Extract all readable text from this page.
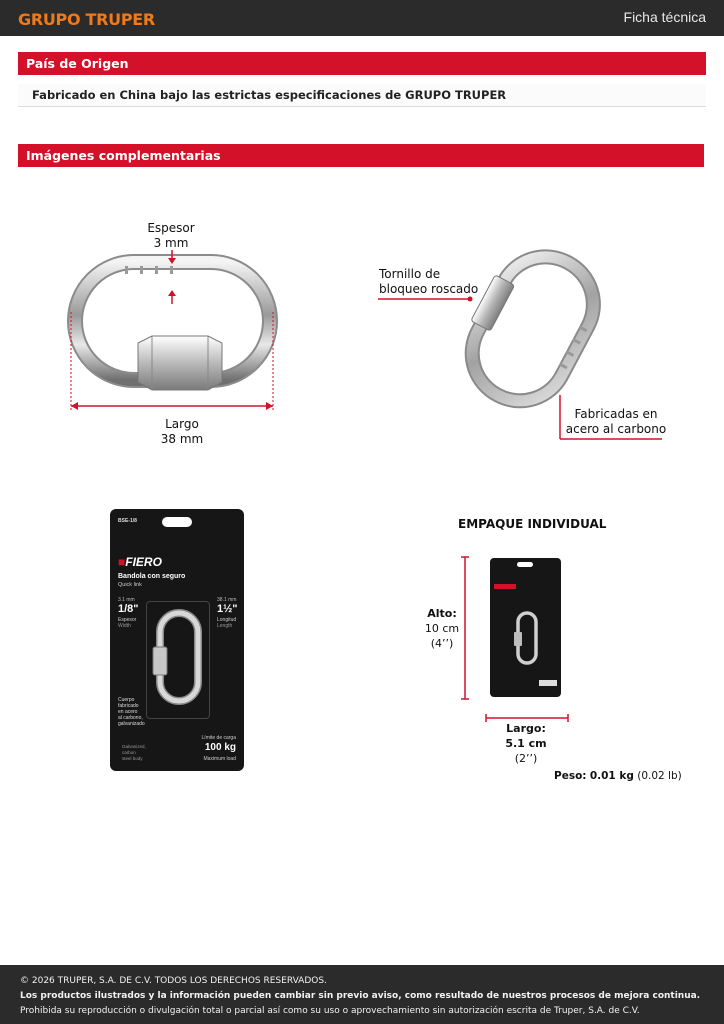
GRUPO TRUPER	Ficha técnica
País de Origen
Fabricado en China bajo las estrictas especificaciones de GRUPO TRUPER
Imágenes complementarias
Espesor
3 mm
Largo
38 mm
Tornillo de
bloqueo roscado
Fabricadas en
acero al carbono
BSE-1/8
■FIERO
Bandola con seguro
Quick link
3.1 mm
1/8"
Espesor
Width
38.1 mm
1½"
Longitud
Length
Cuerpo
fabricado
en acero
al carbono,
galvanizado
Galvanized,
carbon
steel body
Límite de carga
100 kg
Maximum load
EMPAQUE INDIVIDUAL
Alto:
10 cm
(4’’)
Largo:
5.1 cm
(2’’)
Peso: 0.01 kg (0.02 lb)
© 2026 TRUPER, S.A. DE C.V. TODOS LOS DERECHOS RESERVADOS.
Los productos ilustrados y la información pueden cambiar sin previo aviso, como resultado de nuestros procesos de mejora continua.
Prohibida su reproducción o divulgación total o parcial así como su uso o aprovechamiento sin autorización escrita de Truper, S.A. de C.V.
